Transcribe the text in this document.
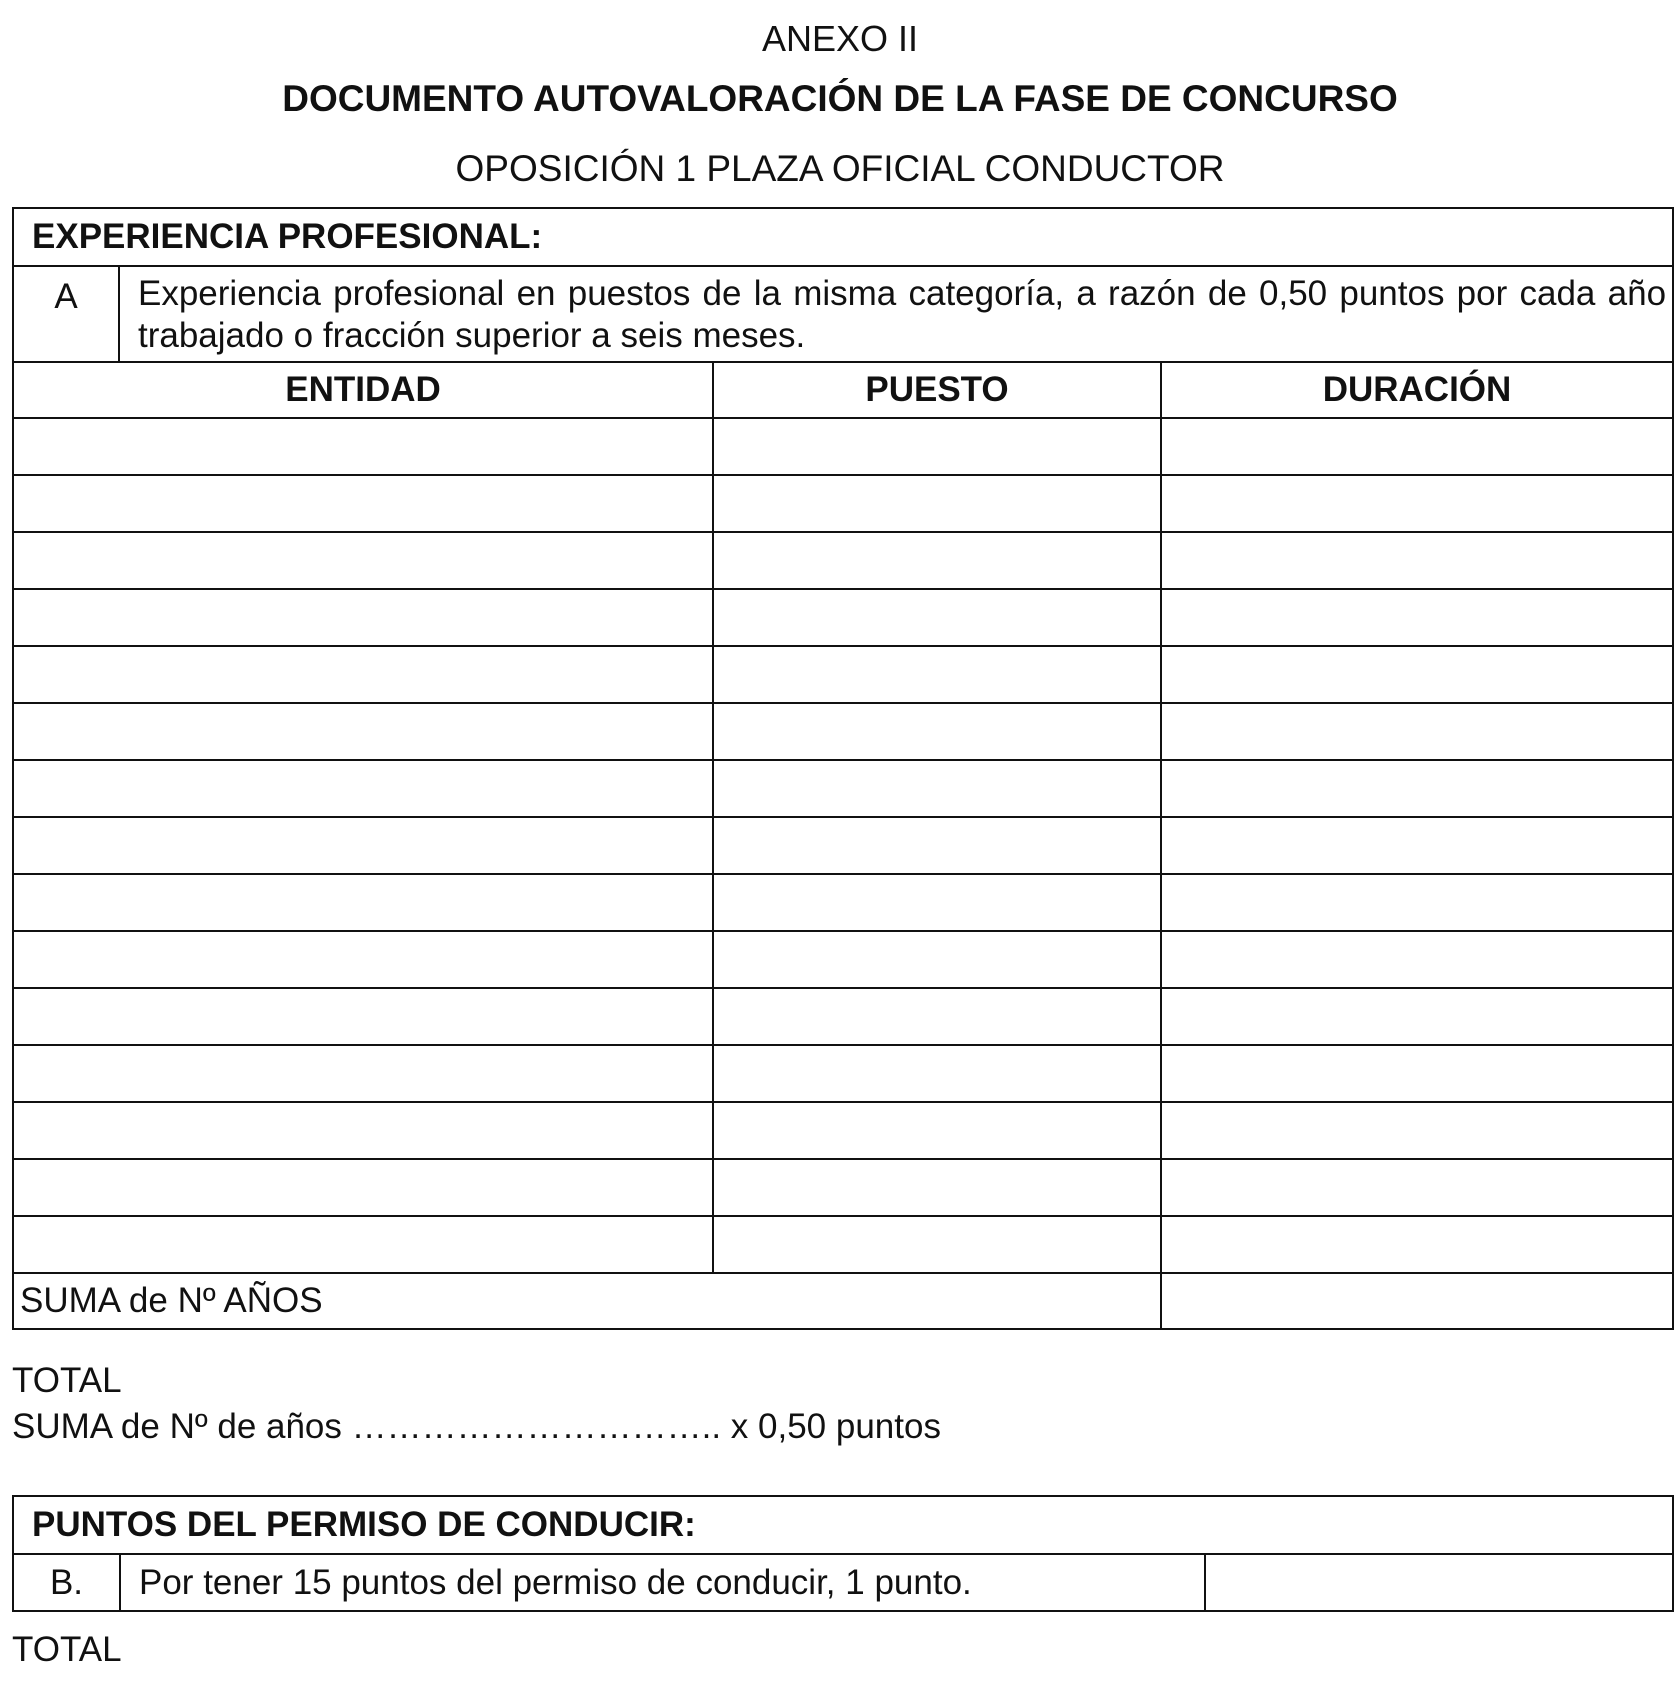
ANEXO II
DOCUMENTO AUTOVALORACIÓN DE LA FASE DE CONCURSO
OPOSICIÓN 1 PLAZA OFICIAL CONDUCTOR
EXPERIENCIA PROFESIONAL:			
A	Experiencia profesional en puestos de la misma categoría, a razón de 0,50 puntos por cada año trabajado o fracción superior a seis meses.		
ENTIDAD		PUESTO	DURACIÓN

SUMA de Nº AÑOS			
TOTAL
SUMA de Nº de años ………………………….. x 0,50 puntos
PUNTOS DEL PERMISO DE CONDUCIR:
B.	Por tener 15 puntos del permiso de conducir, 1 punto.	
TOTAL
